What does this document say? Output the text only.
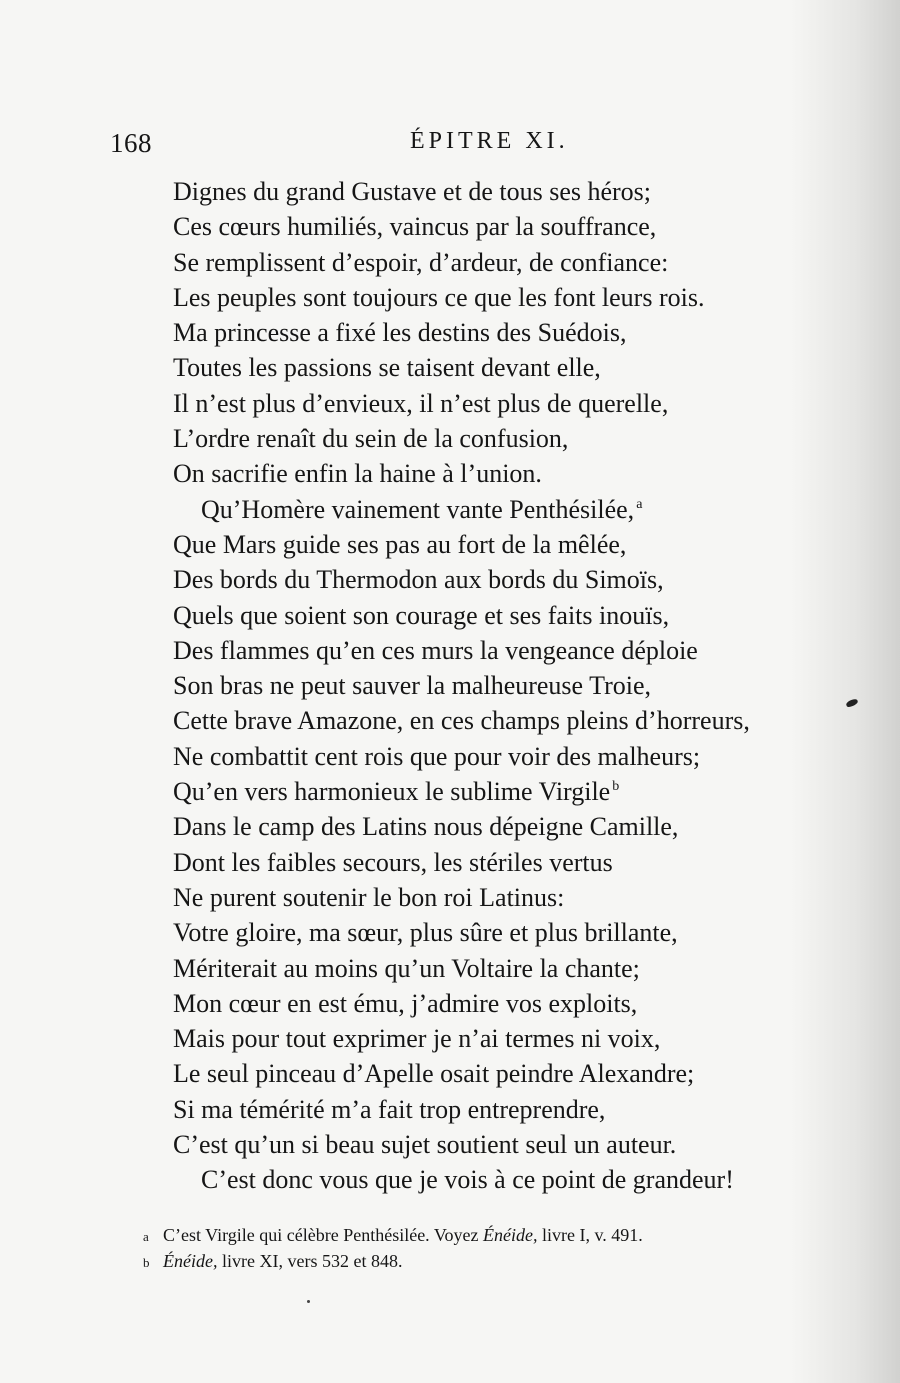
168	ÉPITRE XI.
Dignes du grand Gustave et de tous ses héros;
Ces cœurs humiliés, vaincus par la souffrance,
Se remplissent d’espoir, d’ardeur, de confiance:
Les peuples sont toujours ce que les font leurs rois.
Ma princesse a fixé les destins des Suédois,
Toutes les passions se taisent devant elle,
Il n’est plus d’envieux, il n’est plus de querelle,
L’ordre renaît du sein de la confusion,
On sacrifie enfin la haine à l’union.
Qu’Homère vainement vante Penthésilée, $^a$
Que Mars guide ses pas au fort de la mêlée,
Des bords du Thermodon aux bords du Simoïs,
Quels que soient son courage et ses faits inouïs,
Des flammes qu’en ces murs la vengeance déploie
Son bras ne peut sauver la malheureuse Troie,
Cette brave Amazone, en ces champs pleins d’horreurs,
Ne combattit cent rois que pour voir des malheurs;
Qu’en vers harmonieux le sublime Virgile $^b$
Dans le camp des Latins nous dépeigne Camille,
Dont les faibles secours, les stériles vertus
Ne purent soutenir le bon roi Latinus:
Votre gloire, ma sœur, plus sûre et plus brillante,
Mériterait au moins qu’un Voltaire la chante;
Mon cœur en est ému, j’admire vos exploits,
Mais pour tout exprimer je n’ai termes ni voix,
Le seul pinceau d’Apelle osait peindre Alexandre;
Si ma témérité m’a fait trop entreprendre,
C’est qu’un si beau sujet soutient seul un auteur.
C’est donc vous que je vois à ce point de grandeur!
a C’est Virgile qui célèbre Penthésilée. Voyez Énéide, livre I, v. 491.
b Énéide, livre XI, vers 532 et 848.
